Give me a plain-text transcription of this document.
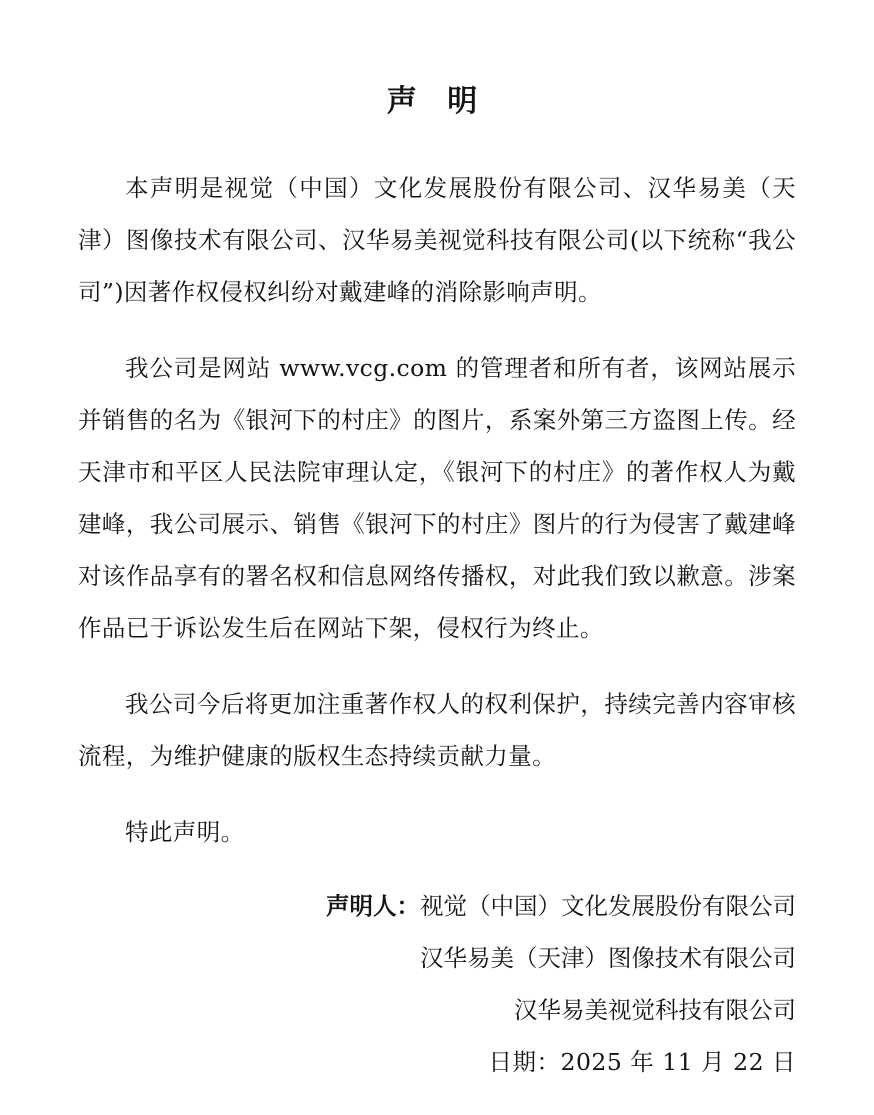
声 明

本声明是视觉（中国）文化发展股份有限公司、汉华易美（天津）图像技术有限公司、汉华易美视觉科技有限公司(以下统称“我公司”)因著作权侵权纠纷对戴建峰的消除影响声明。

我公司是网站 www.vcg.com 的管理者和所有者，该网站展示并销售的名为《银河下的村庄》的图片，系案外第三方盗图上传。经天津市和平区人民法院审理认定，《银河下的村庄》的著作权人为戴建峰，我公司展示、销售《银河下的村庄》图片的行为侵害了戴建峰对该作品享有的署名权和信息网络传播权，对此我们致以歉意。涉案作品已于诉讼发生后在网站下架，侵权行为终止。

我公司今后将更加注重著作权人的权利保护，持续完善内容审核流程，为维护健康的版权生态持续贡献力量。

特此声明。

声明人：视觉（中国）文化发展股份有限公司
汉华易美（天津）图像技术有限公司
汉华易美视觉科技有限公司
日期：2025 年 11 月 22 日
